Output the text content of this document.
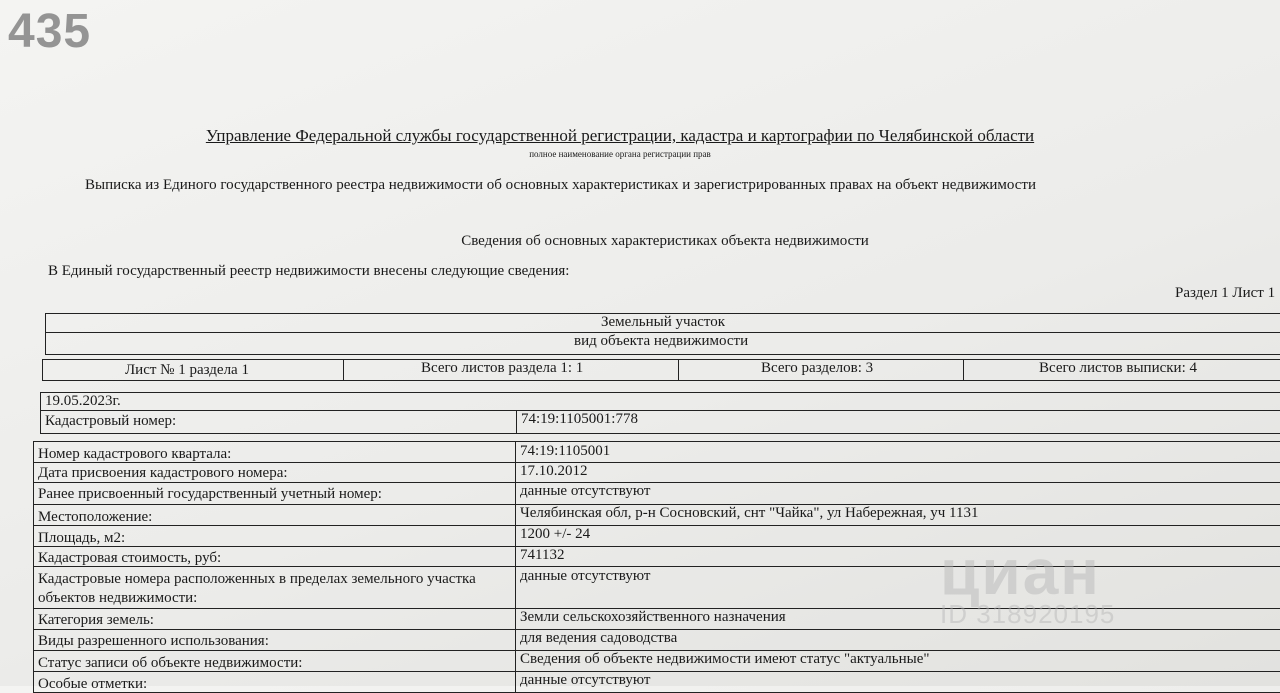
435
Управление Федеральной службы государственной регистрации, кадастра и картографии по Челябинской области
полное наименование органа регистрации прав
Выписка из Единого государственного реестра недвижимости об основных характеристиках и зарегистрированных правах на объект недвижимости
Сведения об основных характеристиках объекта недвижимости
В Единый государственный реестр недвижимости внесены следующие сведения:
Раздел 1 Лист 1
Земельный участок
вид объекта недвижимости
Лист № 1 раздела 1	Всего листов раздела 1: 1	Всего разделов: 3	Всего листов выписки: 4
19.05.2023г.
Кадастровый номер:	74:19:1105001:778
Номер кадастрового квартала:	74:19:1105001
Дата присвоения кадастрового номера:	17.10.2012
Ранее присвоенный государственный учетный номер:	данные отсутствуют
Местоположение:	Челябинская обл, р-н Сосновский, снт "Чайка", ул Набережная, уч 1131
Площадь, м2:	1200 +/- 24
Кадастровая стоимость, руб:	741132
Кадастровые номера расположенных в пределах земельного участка объектов недвижимости:	данные отсутствуют
Категория земель:	Земли сельскохозяйственного назначения
Виды разрешенного использования:	для ведения садоводства
Статус записи об объекте недвижимости:	Сведения об объекте недвижимости имеют статус "актуальные"
Особые отметки:	данные отсутствуют
циан
ID 318920195
